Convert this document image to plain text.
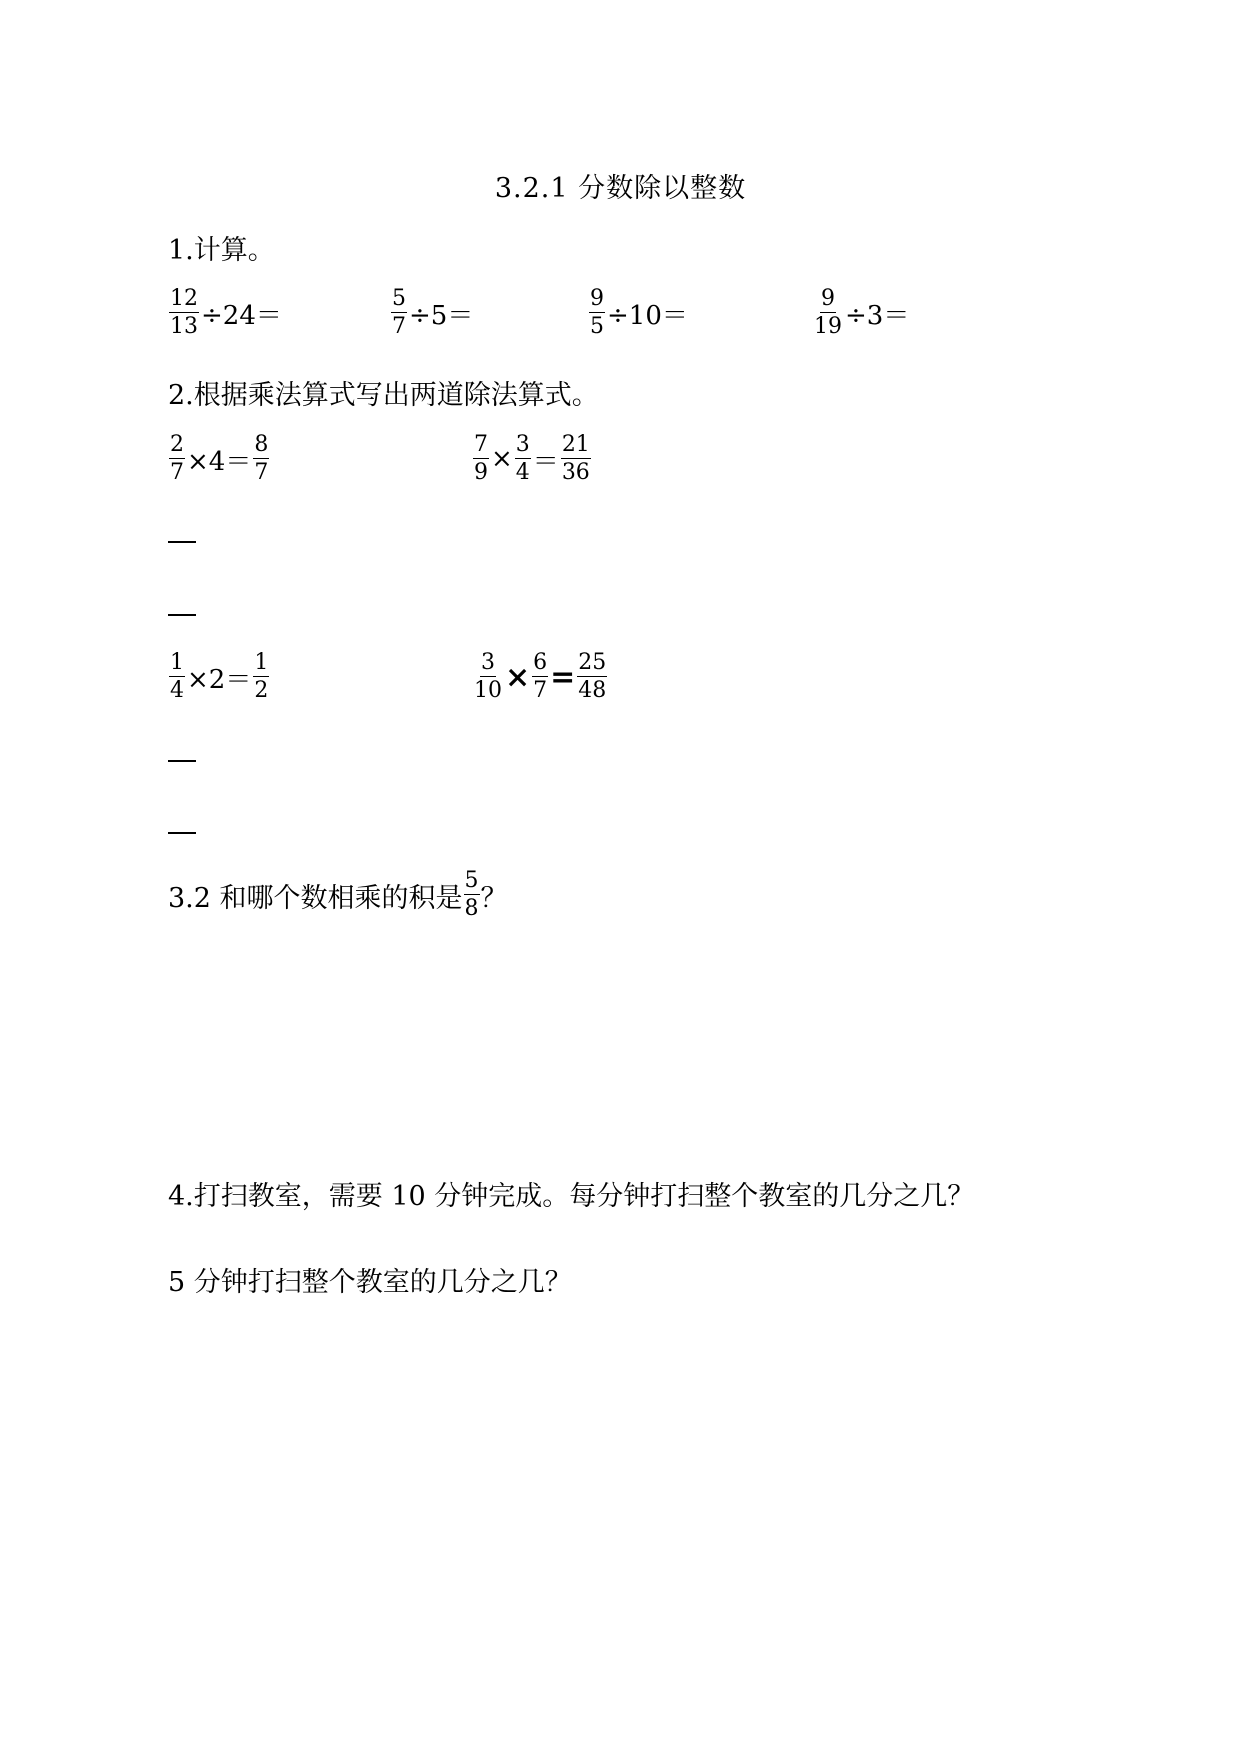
3.2.1 分数除以整数
1.计算。
$\frac{12}{13} \div 24=$	$\frac{5}{7} \div 5=$	$\frac{9}{5} \div 10=$	$\frac{9}{19} \div 3=$
2.根据乘法算式写出两道除法算式。
$\frac{2}{7} \times 4= \frac{8}{7}$	$\frac{7}{9} \times \frac{3}{4} = \frac{21}{36}$
$\frac{1}{4} \times 2= \frac{1}{2}$	$\frac{3}{10} \times \frac{6}{7} = \frac{25}{48}$
3.2 和哪个数相乘的积是 $\frac{5}{8}$ ？
4.打扫教室，需要 10 分钟完成。每分钟打扫整个教室的几分之几？
5 分钟打扫整个教室的几分之几？
